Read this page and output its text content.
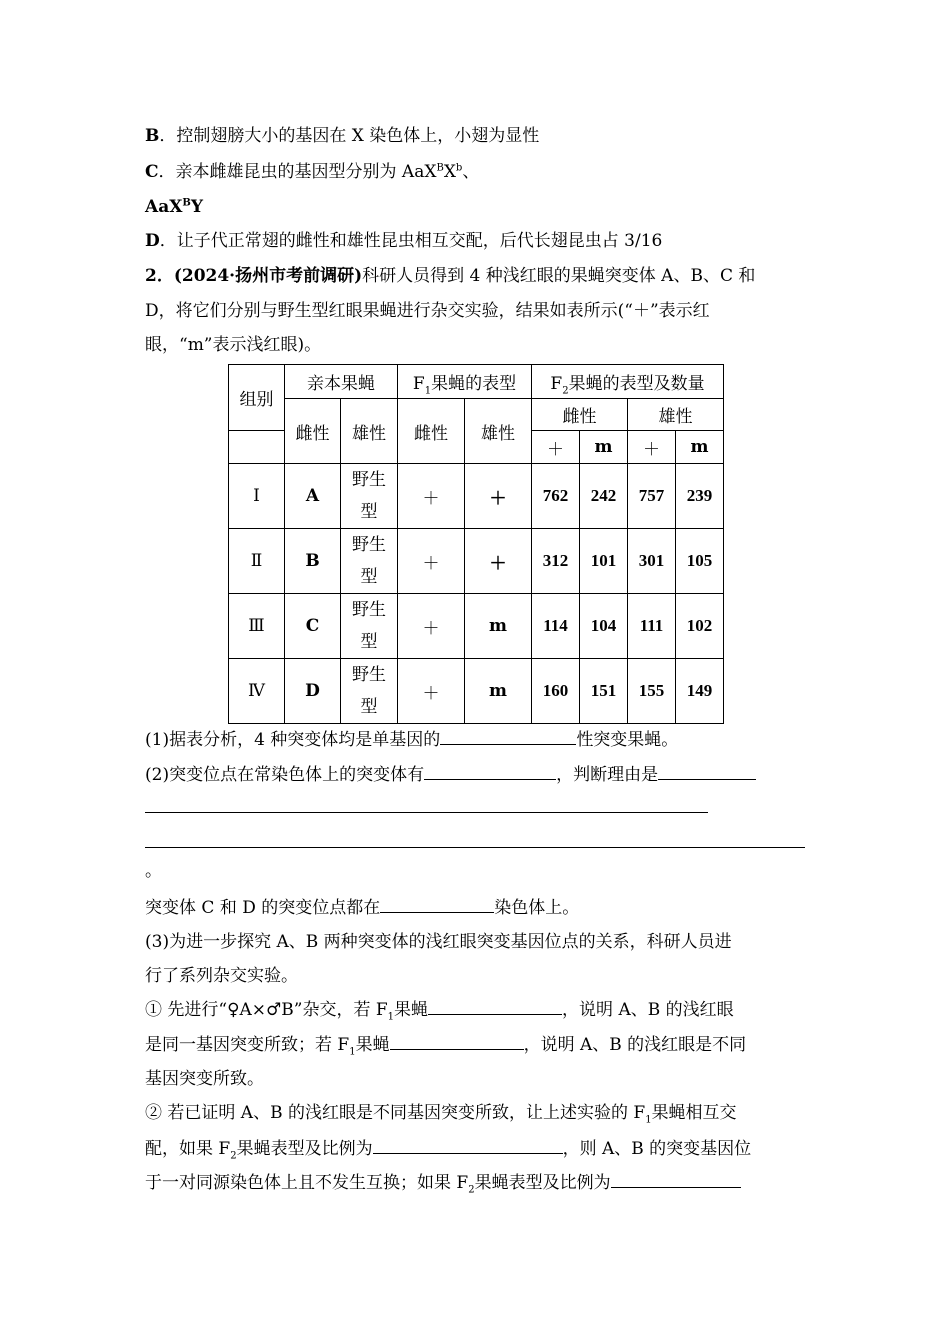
B．控制翅膀大小的基因在 X 染色体上，小翅为显性
C．亲本雌雄昆虫的基因型分别为 $AaX^BX^b$、
AaX$^B$Y
D．让子代正常翅的雌性和雄性昆虫相互交配，后代长翅昆虫占 3/16
2．(2024·扬州市考前调研)科研人员得到 4 种浅红眼的果蝇突变体 A、B、C 和
D，将它们分别与野生型红眼果蝇进行杂交实验，结果如表所示(“＋”表示红
眼，“m”表示浅红眼)。
组别	亲本果蝇		$F_1$果蝇的表型		$F_2$果蝇的表型及数量			
	雌性	雄性	雌性	雄性	雌性		雄性	
					＋	m	＋	m
Ⅰ	A	野生型	＋	＋	762	242	757	239
Ⅱ	B	野生型	＋	＋	312	101	301	105
Ⅲ	C	野生型	＋	m	114	104	111	102
Ⅳ	D	野生型	＋	m	160	151	155	149
(1)据表分析，4 种突变体均是单基因的	性突变果蝇。
(2)突变位点在常染色体上的突变体有	，判断理由是
。
突变体 C 和 D 的突变位点都在	染色体上。
(3)为进一步探究 A、B 两种突变体的浅红眼突变基因位点的关系，科研人员进
行了系列杂交实验。
① 先进行“♀A×♂B”杂交，若 $F_1$果蝇	，说明 A、B 的浅红眼
是同一基因突变所致；若 $F_1$果蝇	，说明 A、B 的浅红眼是不同
基因突变所致。
② 若已证明 A、B 的浅红眼是不同基因突变所致，让上述实验的 $F_1$果蝇相互交
配，如果 $F_2$果蝇表型及比例为	，则 A、B 的突变基因位
于一对同源染色体上且不发生互换；如果 $F_2$果蝇表型及比例为
